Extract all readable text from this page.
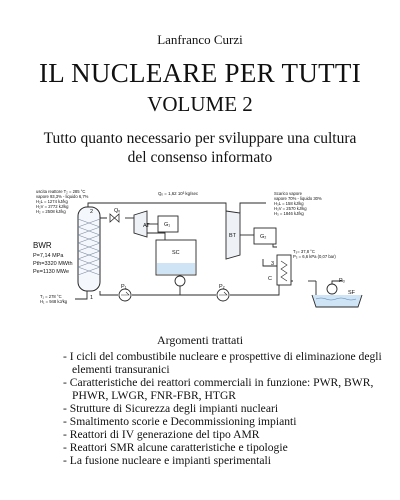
Lanfranco Curzi
IL NUCLEARE PER TUTTI
VOLUME 2
Tutto quanto necessario per sviluppare una cultura
del consenso informato
uscita reattore T₂ = 285 °C
vapore 93,3% - liquido 6,7%
H₂L = 1274 kJ/kg
H₂V = 2772 kJ/kg
H₂ = 2508 kJ/kg
Qₒ = 1,62 10³ kg/sec	Scarico vapore
vapore 70% - liquido 30%
H₃L = 158 kJ/kg
H₃V = 2570 kJ/kg
H₃ = 1846 kJ/kg
BWR
P=7,14 MPa
Pth=3320 MWth
Pe=1130 MWe
T₁ = 278 °C
H₁ = 948 kJ/kg
T₃= 37,8 °C
P₃ = 6,6 kPa (0,07 bar)
Qᵥ
AT	G₁
BT	G₂
SC
C
SF
P₁	P₂
P₃
1
2
3
Argomenti trattati
- I cicli del combustibile nucleare e prospettive di eliminazione degli elementi transuranici
- Caratteristiche dei reattori commerciali in funzione: PWR, BWR, PHWR, LWGR, FNR-FBR, HTGR
- Strutture di Sicurezza degli impianti nucleari
- Smaltimento scorie e Decommissioning impianti
- Reattori di IV generazione del tipo AMR
- Reattori SMR alcune caratteristiche e tipologie
- La fusione nucleare e impianti sperimentali
